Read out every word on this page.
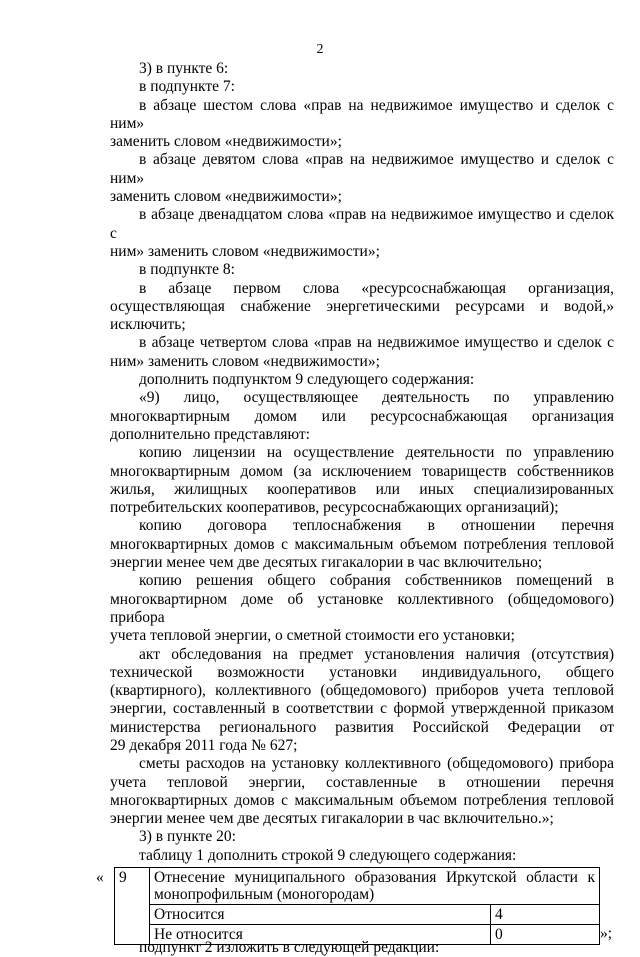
2

3) в пункте 6:

в подпункте 7:

в абзаце шестом слова «прав на недвижимое имущество и сделок с ним»

заменить словом «недвижимости»;

в абзаце девятом слова «прав на недвижимое имущество и сделок с ним»

заменить словом «недвижимости»;

в абзаце двенадцатом слова «прав на недвижимое имущество и сделок с

ним» заменить словом «недвижимости»;

в подпункте 8:

в абзаце первом слова «ресурсоснабжающая организация,

осуществляющая снабжение энергетическими ресурсами и водой,»

исключить;

в абзаце четвертом слова «прав на недвижимое имущество и сделок с

ним» заменить словом «недвижимости»;

дополнить подпунктом 9 следующего содержания:

«9) лицо, осуществляющее деятельность по управлению

многоквартирным домом или ресурсоснабжающая организация

дополнительно представляют:

копию лицензии на осуществление деятельности по управлению

многоквартирным домом (за исключением товариществ собственников

жилья, жилищных кооперативов или иных специализированных

потребительских кооперативов, ресурсоснабжающих организаций);

копию договора теплоснабжения в отношении перечня

многоквартирных домов с максимальным объемом потребления тепловой

энергии менее чем две десятых гигакалории в час включительно;

копию решения общего собрания собственников помещений в

многоквартирном доме об установке коллективного (общедомового) прибора

учета тепловой энергии, о сметной стоимости его установки;

акт обследования на предмет установления наличия (отсутствия)

технической возможности установки индивидуального, общего

(квартирного), коллективного (общедомового) приборов учета тепловой

энергии, составленный в соответствии с формой утвержденной приказом

министерства регионального развития Российской Федерации от

29 декабря 2011 года № 627;

сметы расходов на установку коллективного (общедомового) прибора

учета тепловой энергии, составленные в отношении перечня

многоквартирных домов с максимальным объемом потребления тепловой

энергии менее чем две десятых гигакалории в час включительно.»;

3) в пункте 20:

таблицу 1 дополнить строкой 9 следующего содержания:

« 9	Отнесение муниципального образования Иркутской области к монопрофильным (моногородам)	
	Относится	4
	Не относится	0	»;

подпункт 2 изложить в следующей редакции:
